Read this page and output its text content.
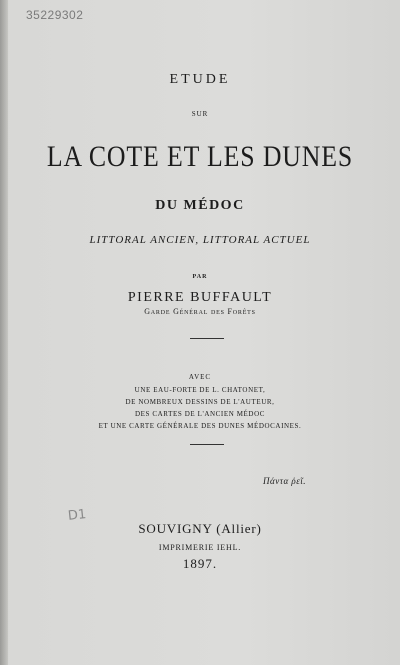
35229302
ETUDE
SUR
LA COTE ET LES DUNES
DU MÉDOC
LITTORAL ANCIEN, LITTORAL ACTUEL
PAR
PIERRE BUFFAULT
Garde Général des Forêts
AVEC
UNE EAU-FORTE DE L. CHATONET,
DE NOMBREUX DESSINS DE L'AUTEUR,
DES CARTES DE L'ANCIEN MÉDOC
ET UNE CARTE GÉNÉRALE DES DUNES MÉDOCAINES.
Πάντα ῥεῖ.
D1
SOUVIGNY (Allier)
IMPRIMERIE IEHL.
1897.
